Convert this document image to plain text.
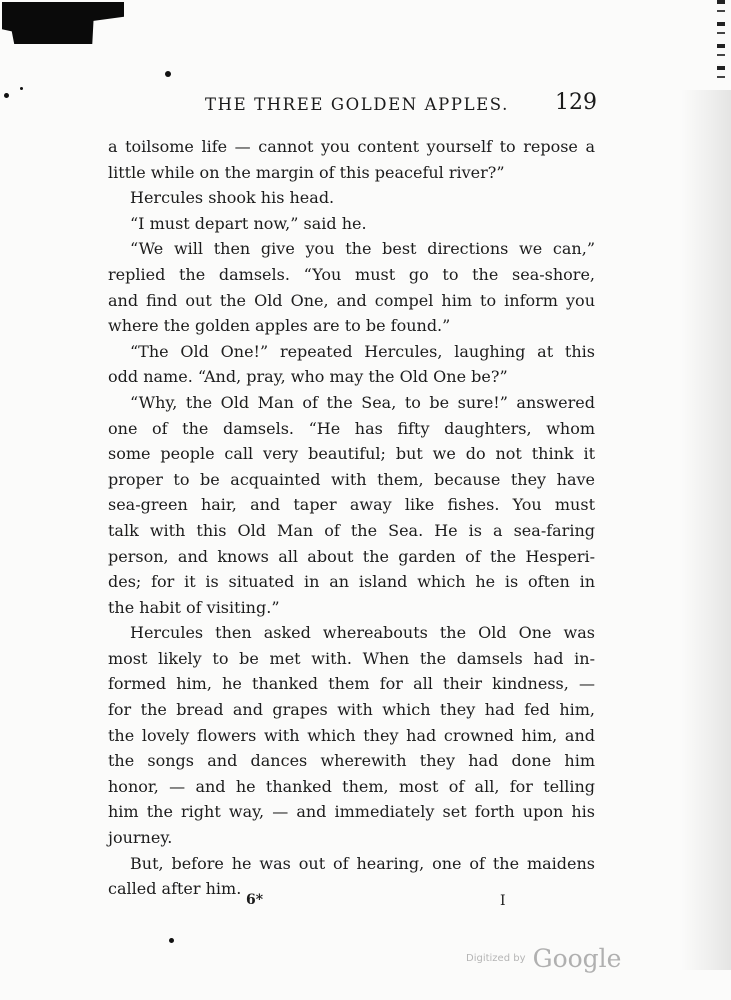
THE THREE GOLDEN APPLES. 129
a toilsome life — cannot you content yourself to repose a
little while on the margin of this peaceful river?”
Hercules shook his head.
“I must depart now,” said he.
“We will then give you the best directions we can,”
replied the damsels. “You must go to the sea-shore,
and find out the Old One, and compel him to inform you
where the golden apples are to be found.”
“The Old One!” repeated Hercules, laughing at this
odd name. “And, pray, who may the Old One be?”
“Why, the Old Man of the Sea, to be sure!” answered
one of the damsels. “He has fifty daughters, whom
some people call very beautiful; but we do not think it
proper to be acquainted with them, because they have
sea-green hair, and taper away like fishes. You must
talk with this Old Man of the Sea. He is a sea-faring
person, and knows all about the garden of the Hesperi-
des; for it is situated in an island which he is often in
the habit of visiting.”
Hercules then asked whereabouts the Old One was
most likely to be met with. When the damsels had in-
formed him, he thanked them for all their kindness, —
for the bread and grapes with which they had fed him,
the lovely flowers with which they had crowned him, and
the songs and dances wherewith they had done him
honor, — and he thanked them, most of all, for telling
him the right way, — and immediately set forth upon his
journey.
But, before he was out of hearing, one of the maidens
called after him.
6*	I
Digitized by Google
